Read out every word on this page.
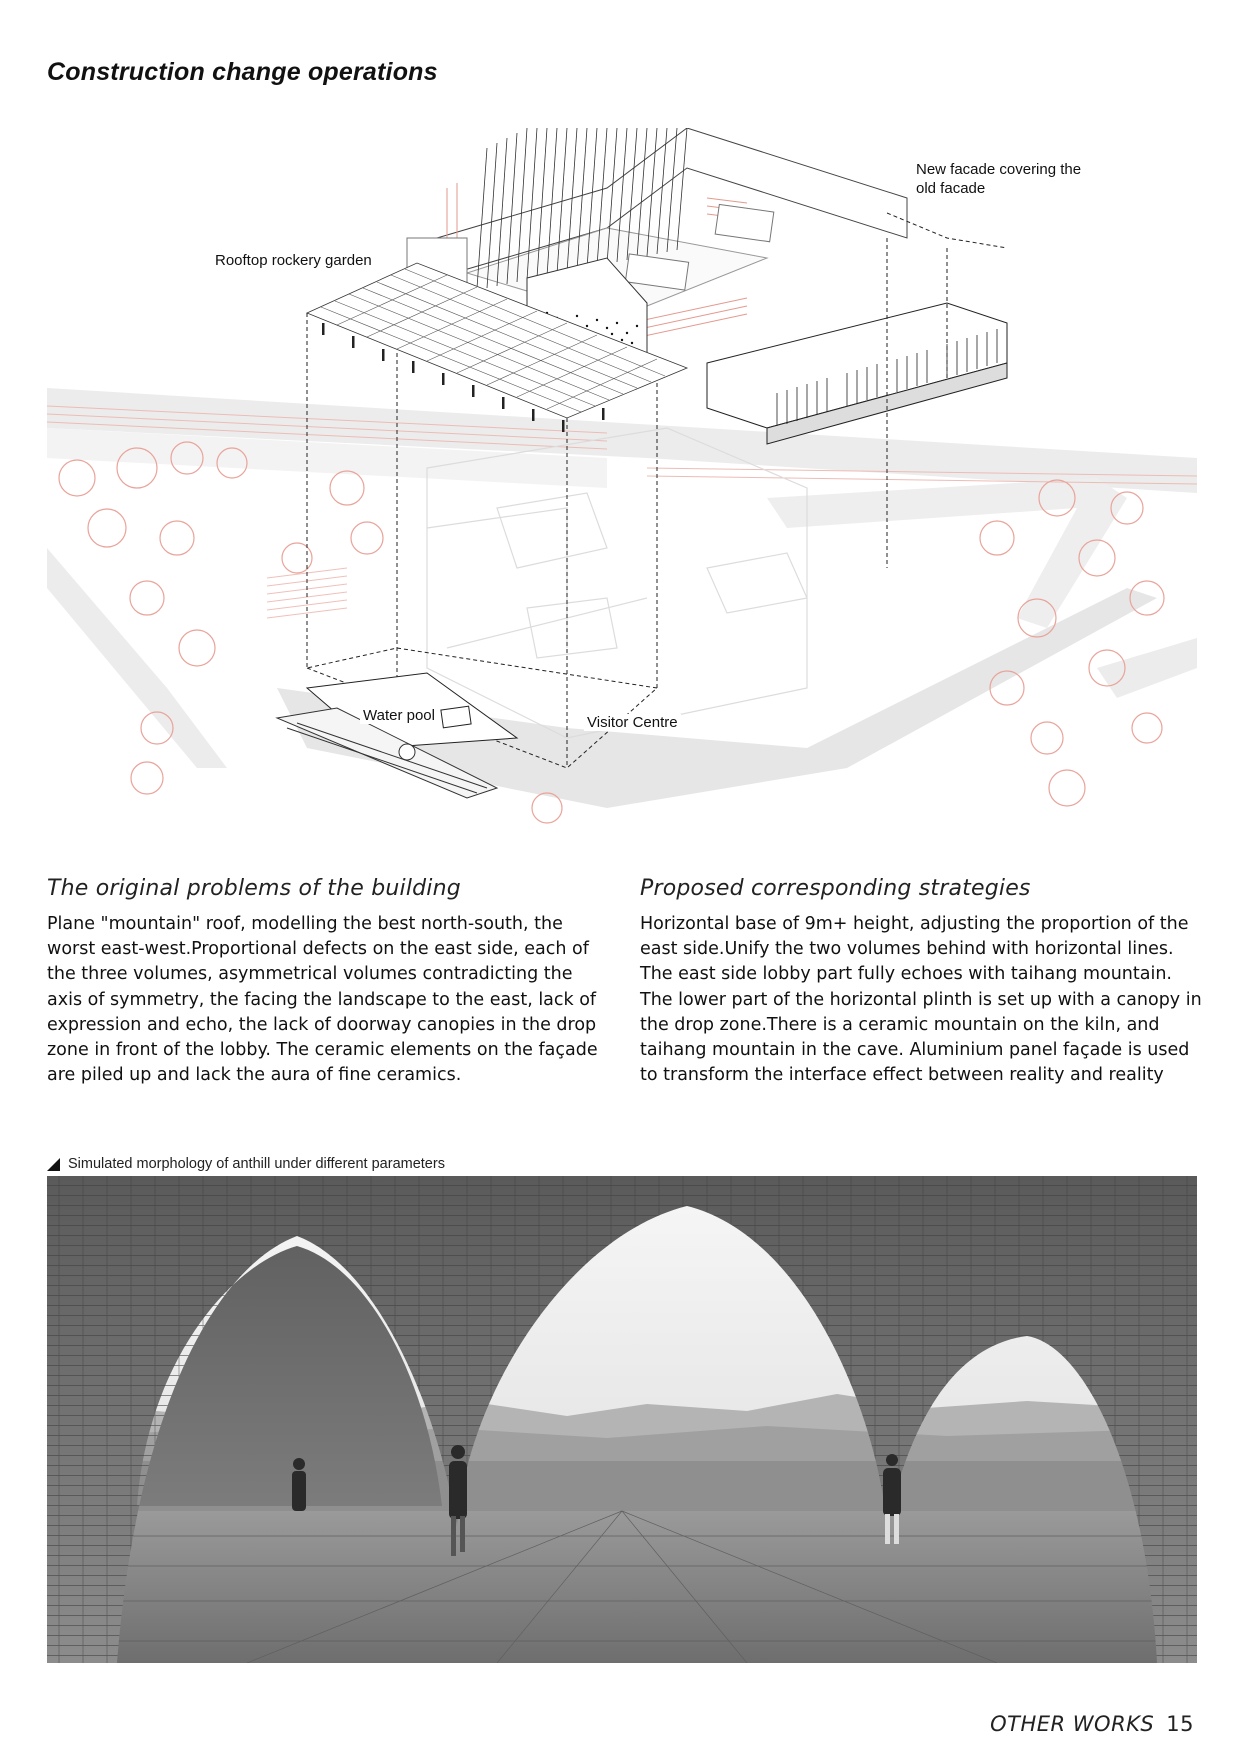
Construction change operations
New facade covering the old facade
Rooftop rockery garden
Water pool	Visitor Centre
The original problems of the building

Plane "mountain" roof, modelling the best north-south, the worst east-west.Proportional defects on the east side, each of the three volumes, asymmetrical volumes contradicting the axis of symmetry, the facing the landscape to the east, lack of expression and echo, the lack of doorway canopies in the drop zone in front of the lobby. The ceramic elements on the façade are piled up and lack the aura of fine ceramics.

Proposed corresponding strategies

Horizontal base of 9m+ height, adjusting the proportion of the east side.Unify the two volumes behind with horizontal lines. The east side lobby part fully echoes with taihang mountain. The lower part of the horizontal plinth is set up with a canopy in the drop zone.There is a ceramic mountain on the kiln, and taihang mountain in the cave. Aluminium panel façade is used to transform the interface effect between reality and reality

Simulated morphology of anthill under different parameters
OTHER WORKS 15
